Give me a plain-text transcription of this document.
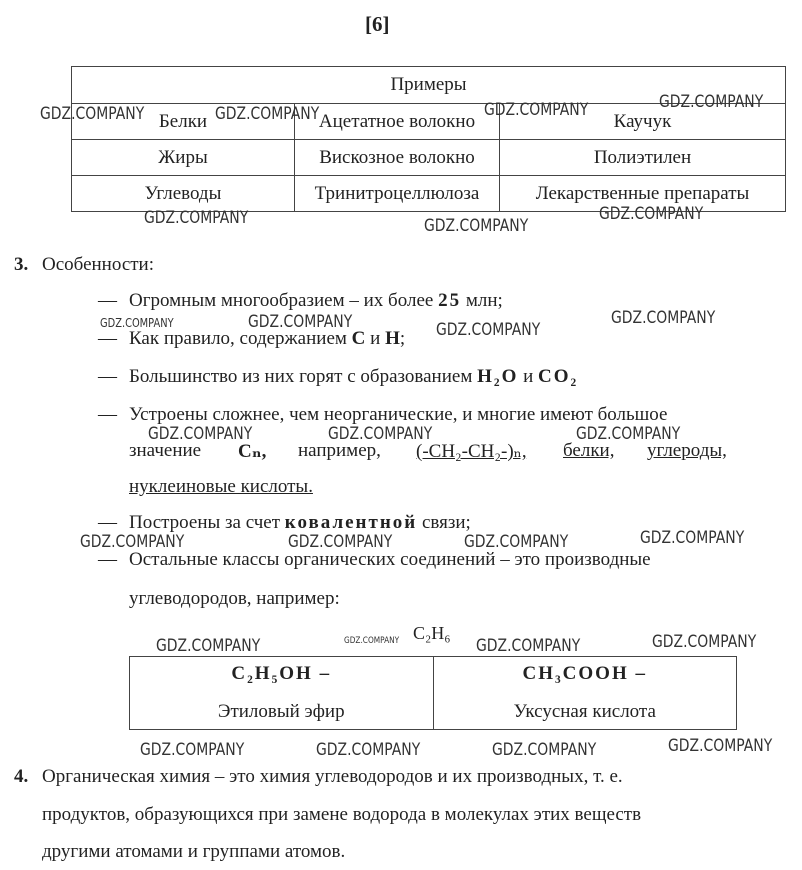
[6]
Примеры		
Белки	Ацетатное волокно	Каучук
Жиры	Вискозное волокно	Полиэтилен
Углеводы	Тринитроцеллюлоза	Лекарственные препараты
3. Особенности:
— Огромным многообразием – их более 25 млн;
— Как правило, содержанием C и H;
— Большинство из них горят с образованием H₂O и CO₂
— Устроены сложнее, чем неорганические, и многие имеют большое
значение Cₙ, например, (-CH₂-CH₂-)ₙ, белки, углероды,
нуклеиновые кислоты.
— Построены за счет ковалентной связи;
— Остальные классы органических соединений – это производные
углеводородов, например:
C₂H₆
C₂H₅OH –
Этиловый эфир

CH₃COOH –
Уксусная кислота
4. Органическая химия – это химия углеводородов и их производных, т. е.
продуктов, образующихся при замене водорода в молекулах этих веществ
другими атомами и группами атомов.
GDZ.COMPANY	GDZ.COMPANY	GDZ.COMPANY	GDZ.COMPANY
GDZ.COMPANY	GDZ.COMPANY
GDZ.COMPANY
GDZ.COMPANY	GDZ.COMPANY	GDZ.COMPANY
GDZ.COMPANY
GDZ.COMPANY	GDZ.COMPANY	GDZ.COMPANY
GDZ.COMPANY	GDZ.COMPANY	GDZ.COMPANY	GDZ.COMPANY
GDZ.COMPANY	GDZ.COMPANY	GDZ.COMPANY	GDZ.COMPANY
GDZ.COMPANY	GDZ.COMPANY	GDZ.COMPANY	GDZ.COMPANY
